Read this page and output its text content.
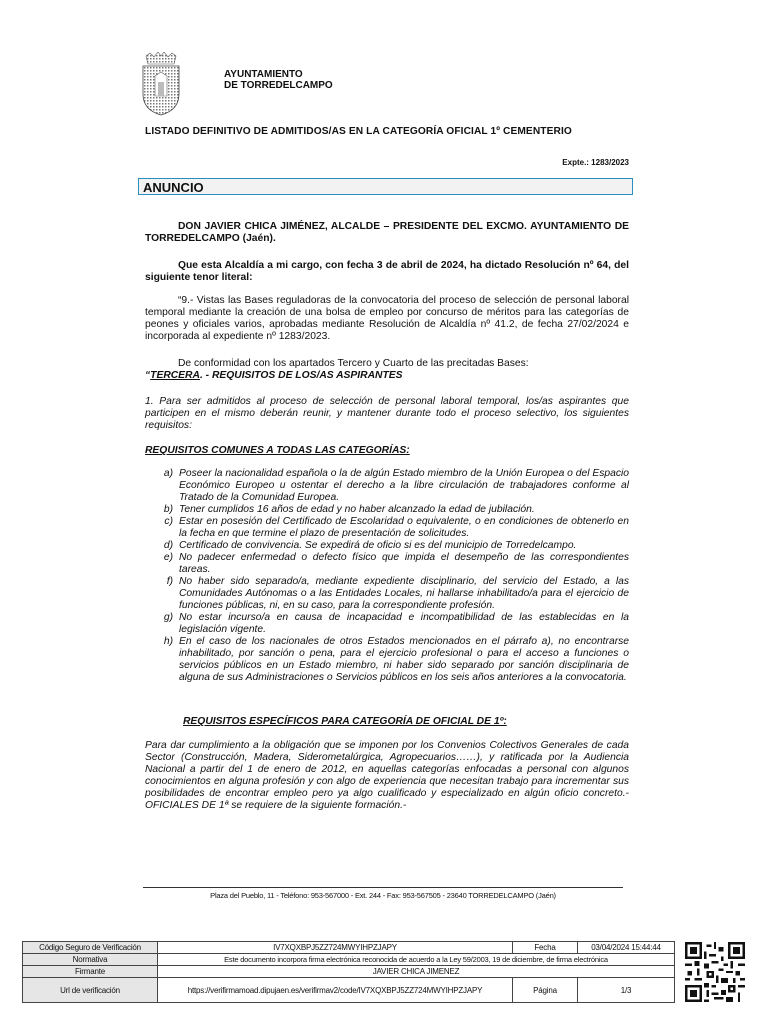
AYUNTAMIENTO
DE TORREDELCAMPO
LISTADO DEFINITIVO DE ADMITIDOS/AS EN LA CATEGORÍA OFICIAL 1º CEMENTERIO
Expte.: 1283/2023
ANUNCIO
DON JAVIER CHICA JIMÉNEZ, ALCALDE – PRESIDENTE DEL EXCMO. AYUNTAMIENTO DE TORREDELCAMPO (Jaén).
Que esta Alcaldía a mi cargo, con fecha 3 de abril de 2024, ha dictado Resolución nº 64, del siguiente tenor literal:
“9.- Vistas las Bases reguladoras de la convocatoria del proceso de selección de personal laboral temporal mediante la creación de una bolsa de empleo por concurso de méritos para las categorías de peones y oficiales varios, aprobadas mediante Resolución de Alcaldía nº 41.2, de fecha 27/02/2024 e incorporada al expediente nº 1283/2023.
De conformidad con los apartados Tercero y Cuarto de las precitadas Bases:
“TERCERA. - REQUISITOS DE LOS/AS ASPIRANTES
1. Para ser admitidos al proceso de selección de personal laboral temporal, los/as aspirantes que participen en el mismo deberán reunir, y mantener durante todo el proceso selectivo, los siguientes requisitos:
REQUISITOS COMUNES A TODAS LAS CATEGORÍAS:
a) Poseer la nacionalidad española o la de algún Estado miembro de la Unión Europea o del Espacio Económico Europeo u ostentar el derecho a la libre circulación de trabajadores conforme al Tratado de la Comunidad Europea.
b) Tener cumplidos 16 años de edad y no haber alcanzado la edad de jubilación.
c) Estar en posesión del Certificado de Escolaridad o equivalente, o en condiciones de obtenerlo en la fecha en que termine el plazo de presentación de solicitudes.
d) Certificado de convivencia. Se expedirá de oficio si es del municipio de Torredelcampo.
e) No padecer enfermedad o defecto físico que impida el desempeño de las correspondientes tareas.
f) No haber sido separado/a, mediante expediente disciplinario, del servicio del Estado, a las Comunidades Autónomas o a las Entidades Locales, ni hallarse inhabilitado/a para el ejercicio de funciones públicas, ni, en su caso, para la correspondiente profesión.
g) No estar incurso/a en causa de incapacidad e incompatibilidad de las establecidas en la legislación vigente.
h) En el caso de los nacionales de otros Estados mencionados en el párrafo a), no encontrarse inhabilitado, por sanción o pena, para el ejercicio profesional o para el acceso a funciones o servicios públicos en un Estado miembro, ni haber sido separado por sanción disciplinaria de alguna de sus Administraciones o Servicios públicos en los seis años anteriores a la convocatoria.
REQUISITOS ESPECÍFICOS PARA CATEGORÍA DE OFICIAL DE 1º:
Para dar cumplimiento a la obligación que se imponen por los Convenios Colectivos Generales de cada Sector (Construcción, Madera, Siderometalúrgica, Agropecuarios……), y ratificada por la Audiencia Nacional a partir del 1 de enero de 2012, en aquellas categorías enfocadas a personal con algunos conocimientos en alguna profesión y con algo de experiencia que necesitan trabajo para incrementar sus posibilidades de encontrar empleo pero ya algo cualificado y especializado en algún oficio concreto.- OFICIALES DE 1ª se requiere de la siguiente formación.-
Plaza del Pueblo, 11 - Teléfono: 953-567000 - Ext. 244 - Fax: 953-567505 - 23640 TORREDELCAMPO (Jaén)
Código Seguro de Verificación	IV7XQXBPJ5ZZ724MWYIHPZJAPY	Fecha	03/04/2024 15:44:44
Normativa	Este documento incorpora firma electrónica reconocida de acuerdo a la Ley 59/2003, 19 de diciembre, de firma electrónica		
Firmante	JAVIER CHICA JIMENEZ		
Url de verificación	https://verifirmamoad.dipujaen.es/verifirmav2/code/IV7XQXBPJ5ZZ724MWYIHPZJAPY	Página	1/3
